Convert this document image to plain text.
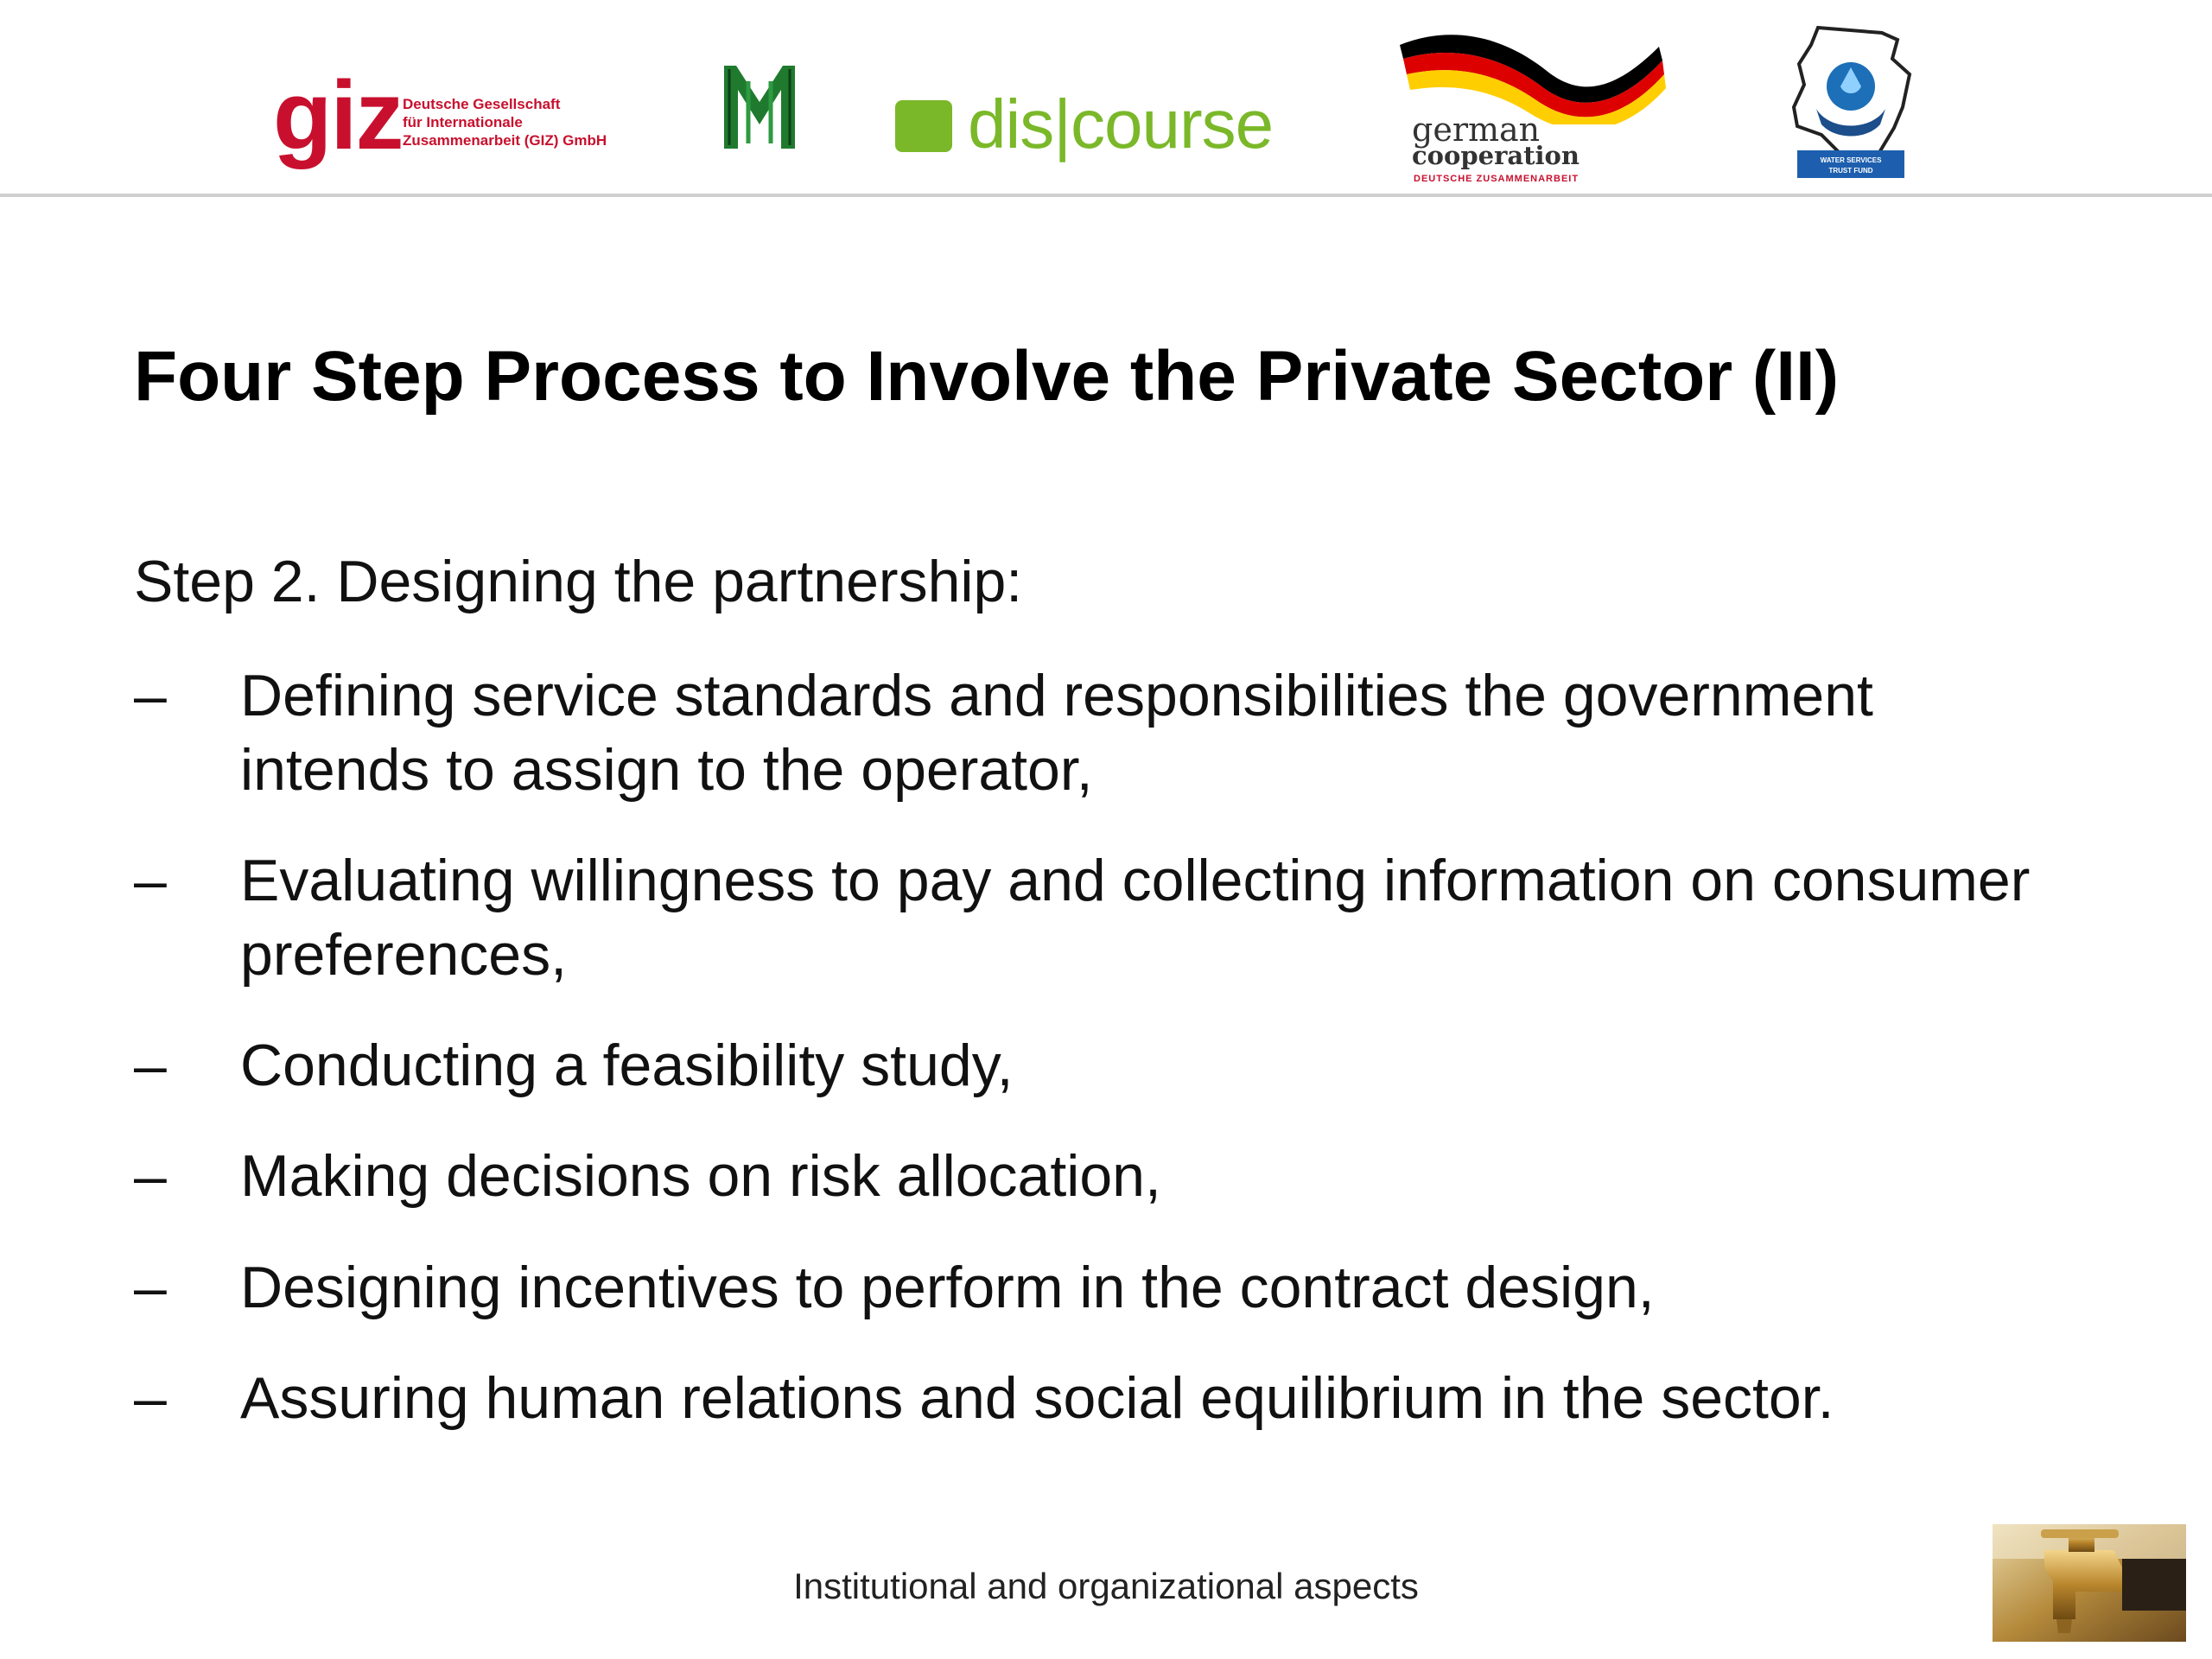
giz Deutsche Gesellschaft
für Internationale
Zusammenarbeit (GIZ) GmbH	dis|course	german
cooperation
DEUTSCHE ZUSAMMENARBEIT
WATER SERVICES
TRUST FUND
Four Step Process to Involve the Private Sector (II)
Step 2. Designing the partnership:
– Defining service standards and responsibilities the government
intends to assign to the operator,
– Evaluating willingness to pay and collecting information on consumer
preferences,
– Conducting a feasibility study,
– Making decisions on risk allocation,
– Designing incentives to perform in the contract design,
– Assuring human relations and social equilibrium in the sector.
Institutional and organizational aspects
